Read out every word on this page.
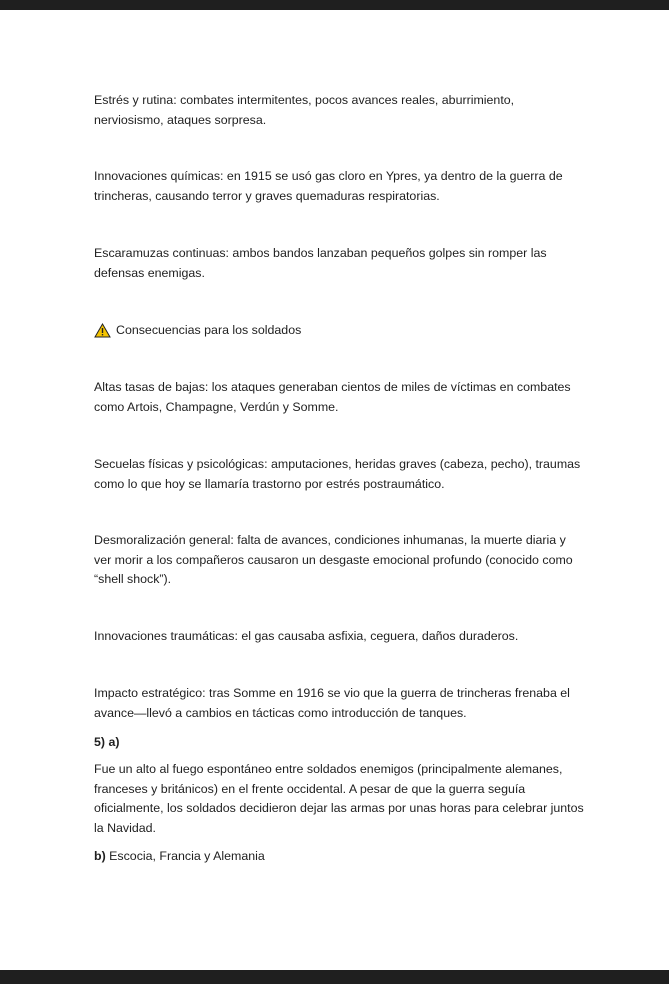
Estrés y rutina: combates intermitentes, pocos avances reales, aburrimiento, nerviosismo, ataques sorpresa.

Innovaciones químicas: en 1915 se usó gas cloro en Ypres, ya dentro de la guerra de trincheras, causando terror y graves quemaduras respiratorias.

Escaramuzas continuas: ambos bandos lanzaban pequeños golpes sin romper las defensas enemigas.

Consecuencias para los soldados

Altas tasas de bajas: los ataques generaban cientos de miles de víctimas en combates como Artois, Champagne, Verdún y Somme.

Secuelas físicas y psicológicas: amputaciones, heridas graves (cabeza, pecho), traumas como lo que hoy se llamaría trastorno por estrés postraumático.

Desmoralización general: falta de avances, condiciones inhumanas, la muerte diaria y ver morir a los compañeros causaron un desgaste emocional profundo (conocido como “shell shock”).

Innovaciones traumáticas: el gas causaba asfixia, ceguera, daños duraderos.

Impacto estratégico: tras Somme en 1916 se vio que la guerra de trincheras frenaba el avance—llevó a cambios en tácticas como introducción de tanques.

5) a)

Fue un alto al fuego espontáneo entre soldados enemigos (principalmente alemanes, franceses y británicos) en el frente occidental. A pesar de que la guerra seguía oficialmente, los soldados decidieron dejar las armas por unas horas para celebrar juntos la Navidad.

b) Escocia, Francia y Alemania
